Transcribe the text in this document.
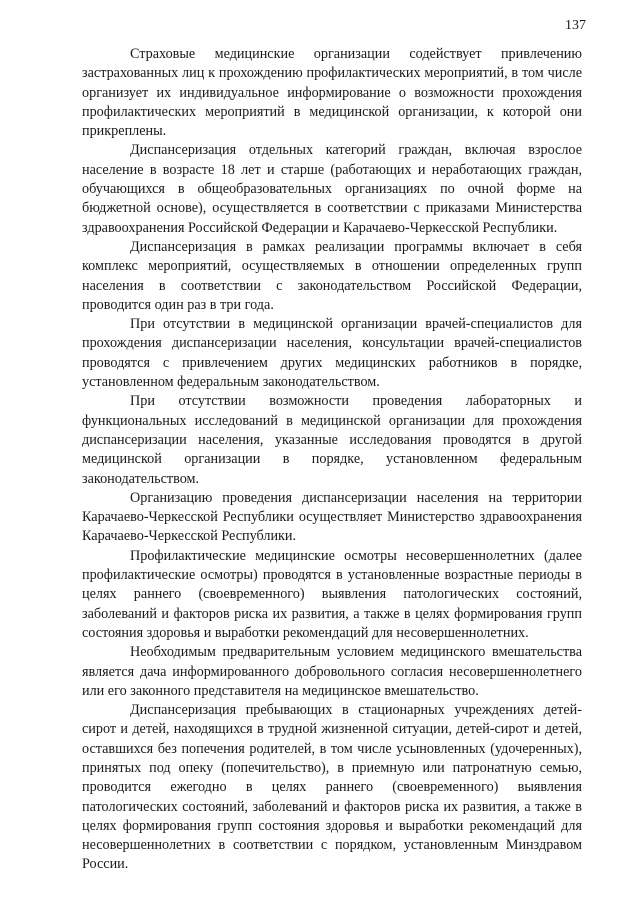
137

Страховые медицинские организации содействует привлечению застрахованных лиц к прохождению профилактических мероприятий, в том числе организует их индивидуальное информирование о возможности прохождения профилактических мероприятий в медицинской организации, к которой они прикреплены.

Диспансеризация отдельных категорий граждан, включая взрослое население в возрасте 18 лет и старше (работающих и неработающих граждан, обучающихся в общеобразовательных организациях по очной форме на бюджетной основе), осуществляется в соответствии с приказами Министерства здравоохранения Российской Федерации и Карачаево-Черкесской Республики.

Диспансеризация в рамках реализации программы включает в себя комплекс мероприятий, осуществляемых в отношении определенных групп населения в соответствии с законодательством Российской Федерации, проводится один раз в три года.

При отсутствии в медицинской организации врачей-специалистов для прохождения диспансеризации населения, консультации врачей-специалистов проводятся с привлечением других медицинских работников в порядке, установленном федеральным законодательством.

При отсутствии возможности проведения лабораторных и функциональных исследований в медицинской организации для прохождения диспансеризации населения, указанные исследования проводятся в другой медицинской организации в порядке, установленном федеральным законодательством.

Организацию проведения диспансеризации населения на территории Карачаево-Черкесской Республики осуществляет Министерство здравоохранения Карачаево-Черкесской Республики.

Профилактические медицинские осмотры несовершеннолетних (далее профилактические осмотры) проводятся в установленные возрастные периоды в целях раннего (своевременного) выявления патологических состояний, заболеваний и факторов риска их развития, а также в целях формирования групп состояния здоровья и выработки рекомендаций для несовершеннолетних.

Необходимым предварительным условием медицинского вмешательства является дача информированного добровольного согласия несовершеннолетнего или его законного представителя на медицинское вмешательство.

Диспансеризация пребывающих в стационарных учреждениях детей-сирот и детей, находящихся в трудной жизненной ситуации, детей-сирот и детей, оставшихся без попечения родителей, в том числе усыновленных (удочеренных), принятых под опеку (попечительство), в приемную или патронатную семью, проводится ежегодно в целях раннего (своевременного) выявления патологических состояний, заболеваний и факторов риска их развития, а также в целях формирования групп состояния здоровья и выработки рекомендаций для несовершеннолетних в соответствии с порядком, установленным Минздравом России.
